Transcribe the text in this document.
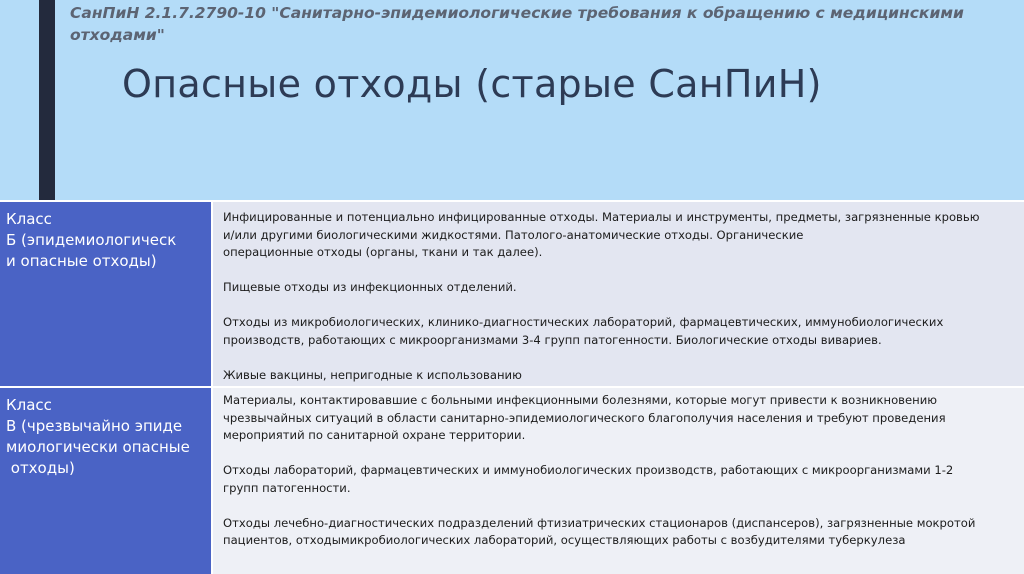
СанПиН 2.1.7.2790-10 "Санитарно-эпидемиологические требования к обращению с медицинскими
отходами"
Опасные отходы (старые СанПиН)
Класс
Б (эпидемиологическ
и опасные отходы)
Инфицированные и потенциально инфицированные отходы. Материалы и инструменты, предметы, загрязненные кровью
и/или другими биологическими жидкостями. Патолого-анатомические отходы. Органические
операционные отходы (органы, ткани и так далее).
Пищевые отходы из инфекционных отделений.
Отходы из микробиологических, клинико-диагностических лабораторий, фармацевтических, иммунобиологических
производств, работающих с микроорганизмами 3-4 групп патогенности. Биологические отходы вивариев.
Живые вакцины, непригодные к использованию
Класс
В (чрезвычайно эпиде
миологически опасные
отходы)
Материалы, контактировавшие с больными инфекционными болезнями, которые могут привести к возникновению
чрезвычайных ситуаций в области санитарно-эпидемиологического благополучия населения и требуют проведения
мероприятий по санитарной охране территории.
Отходы лабораторий, фармацевтических и иммунобиологических производств, работающих с микроорганизмами 1-2
групп патогенности.
Отходы лечебно-диагностических подразделений фтизиатрических стационаров (диспансеров), загрязненные мокротой
пациентов, отходымикробиологических лабораторий, осуществляющих работы с возбудителями туберкулеза
